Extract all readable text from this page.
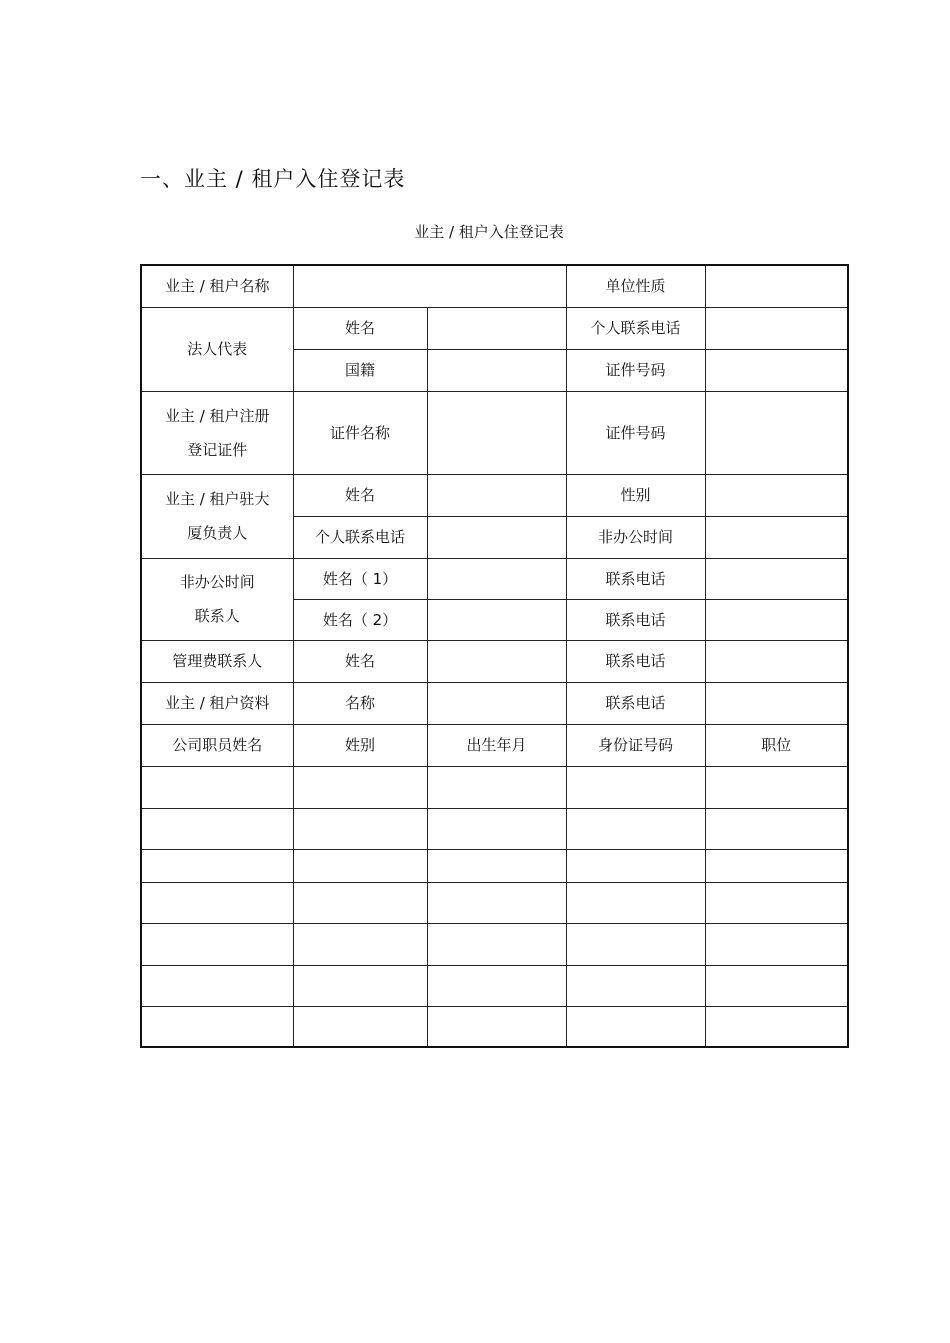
一、业主 / 租户入住登记表
业主 / 租户入住登记表
业主 / 租户名称			单位性质	
法人代表	姓名		个人联系电话	
	国籍		证件号码	

业主 / 租户注册
登记证件	证件名称		证件号码	

业主 / 租户驻大
厦负责人	姓名		性别	
	个人联系电话		非办公时间	

非办公时间
联系人	姓名（ 1）		联系电话	
	姓名（ 2）		联系电话	
管理费联系人	姓名		联系电话	
业主 / 租户资料	名称		联系电话	
公司职员姓名	姓别	出生年月	身份证号码	职位
